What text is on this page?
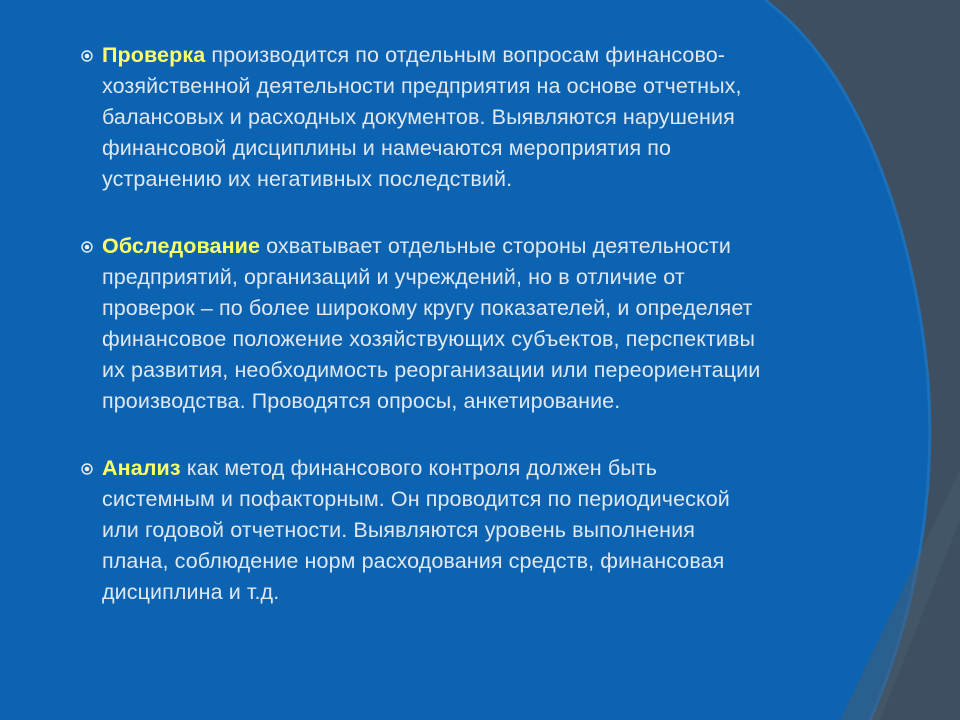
Проверка производится по отдельным вопросам финансово-
хозяйственной деятельности предприятия на основе отчетных,
балансовых и расходных документов. Выявляются нарушения
финансовой дисциплины и намечаются мероприятия по
устранению их негативных последствий.
Обследование охватывает отдельные стороны деятельности
предприятий, организаций и учреждений, но в отличие от
проверок – по более широкому кругу показателей, и определяет
финансовое положение хозяйствующих субъектов, перспективы
их развития, необходимость реорганизации или переориентации
производства. Проводятся опросы, анкетирование.
Анализ как метод финансового контроля должен быть
системным и пофакторным. Он проводится по периодической
или годовой отчетности. Выявляются уровень выполнения
плана, соблюдение норм расходования средств, финансовая
дисциплина и т.д.
